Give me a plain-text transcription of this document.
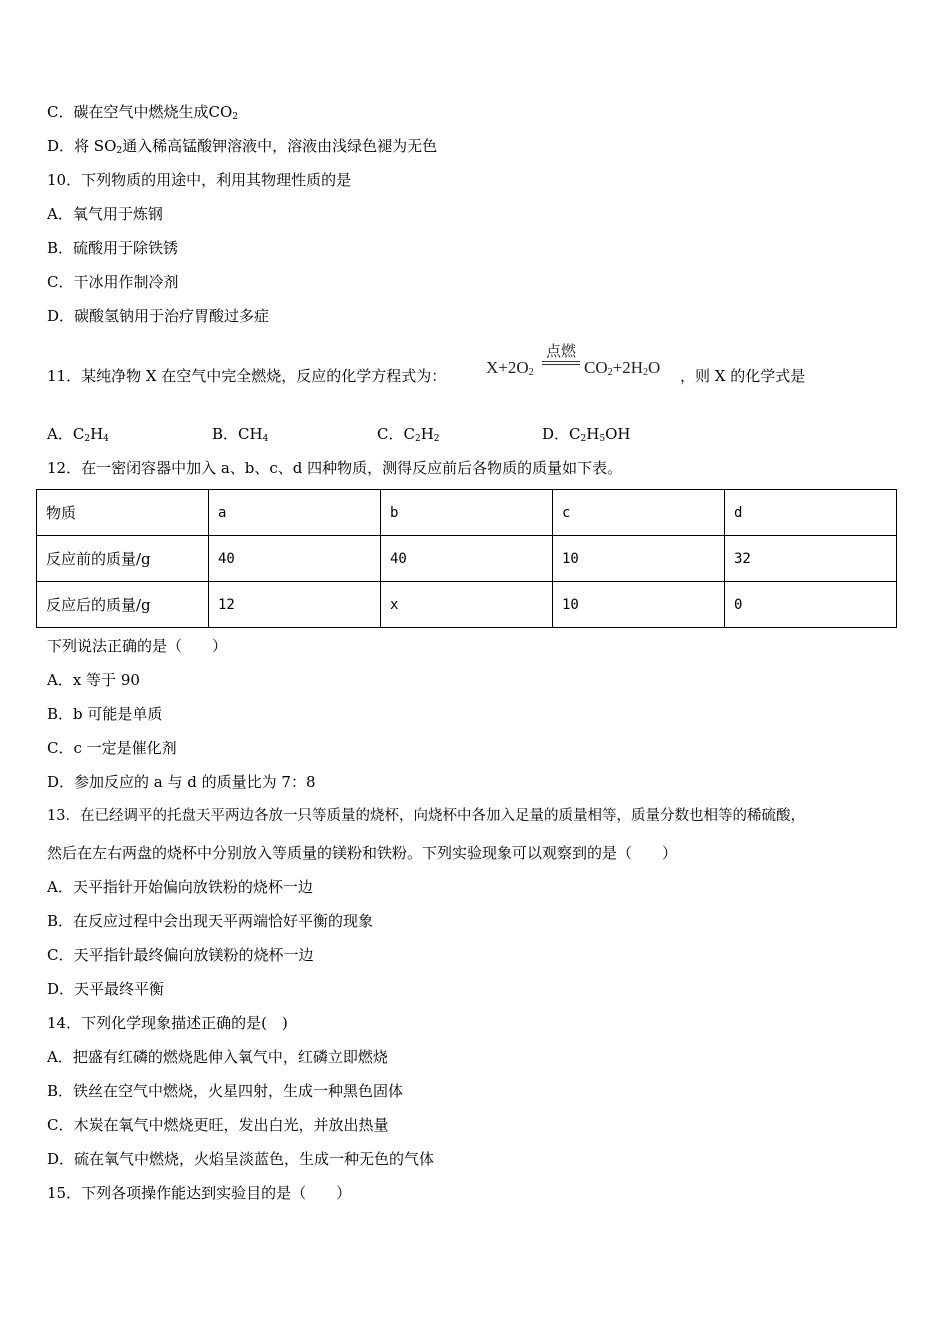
C．碳在空气中燃烧生成$CO_2$
D．将 $SO_2$通入稀高锰酸钾溶液中，溶液由浅绿色褪为无色
10．下列物质的用途中，利用其物理性质的是
A．氧气用于炼钢
B．硫酸用于除铁锈
C．干冰用作制冷剂
D．碳酸氢钠用于治疗胃酸过多症
11．某纯净物 X 在空气中完全燃烧，反应的化学方程式为：
点燃
$X+2O_2$	$CO_2+2H_2O$ ，则 X 的化学式是
A．$C_2H_4$	B．$CH_4$	C．$C_2H_2$	D．$C_2H_5OH$
12．在一密闭容器中加入 a、b、c、d 四种物质，测得反应前后各物质的质量如下表。
物质	a	b	c	d
反应前的质量/g	40	40	10	32
反应后的质量/g	12	x	10	0
下列说法正确的是（　　）
A．x 等于 90
B．b 可能是单质
C．c 一定是催化剂
D．参加反应的 a 与 d 的质量比为 7：8
13．在已经调平的托盘天平两边各放一只等质量的烧杯，向烧杯中各加入足量的质量相等，质量分数也相等的稀硫酸，
然后在左右两盘的烧杯中分别放入等质量的镁粉和铁粉。下列实验现象可以观察到的是（　　）
A．天平指针开始偏向放铁粉的烧杯一边
B．在反应过程中会出现天平两端恰好平衡的现象
C．天平指针最终偏向放镁粉的烧杯一边
D．天平最终平衡
14．下列化学现象描述正确的是(　)
A．把盛有红磷的燃烧匙伸入氧气中，红磷立即燃烧
B．铁丝在空气中燃烧，火星四射，生成一种黑色固体
C．木炭在氧气中燃烧更旺，发出白光，并放出热量
D．硫在氧气中燃烧，火焰呈淡蓝色，生成一种无色的气体
15．下列各项操作能达到实验目的是（　　）
